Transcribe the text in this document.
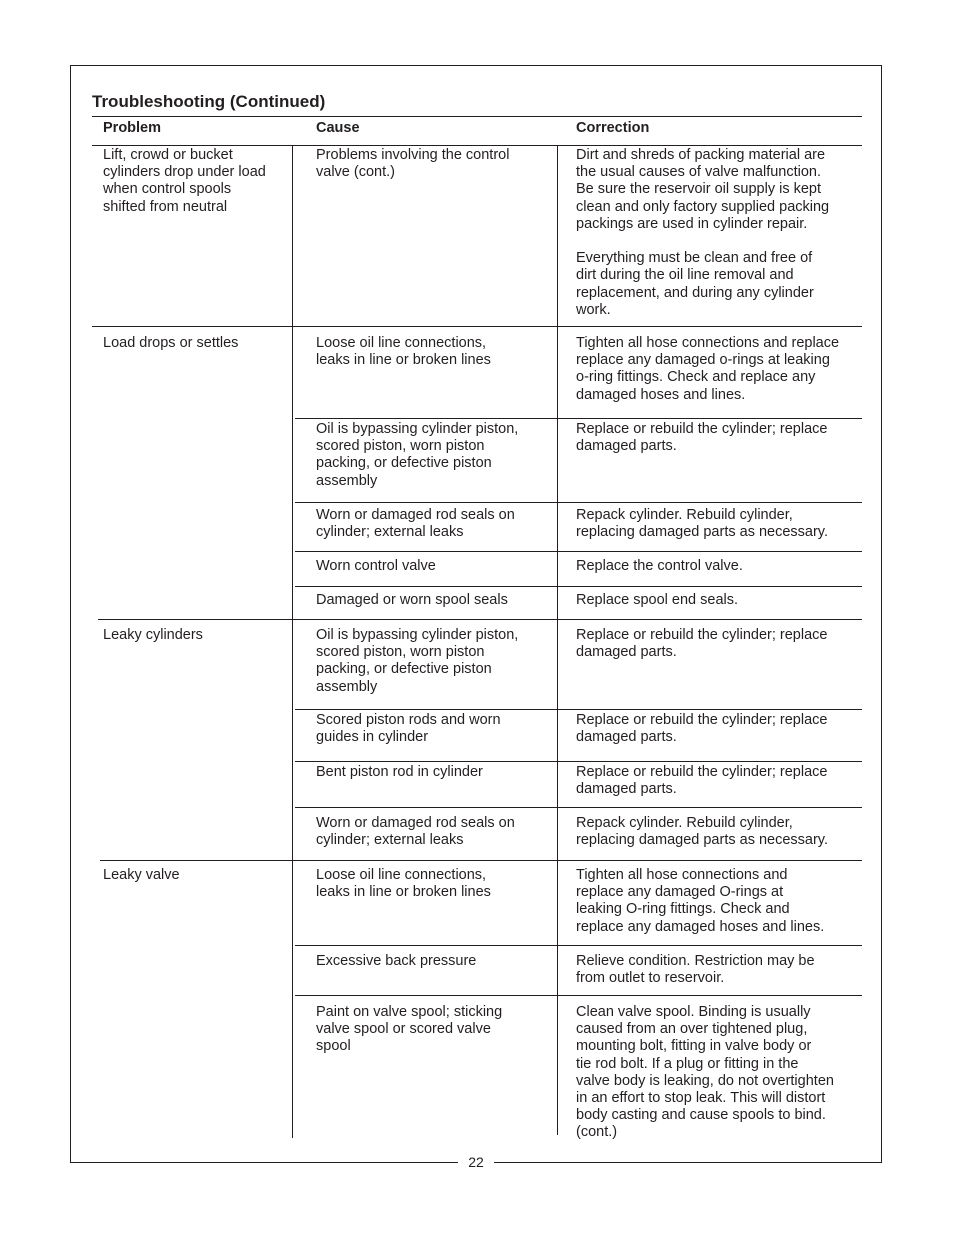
22
Troubleshooting (Continued)
Problem	Cause	Correction
Lift, crowd or bucket
cylinders drop under load
when control spools
shifted from neutral
Load drops or settles
Leaky cylinders
Leaky valve
Problems involving the control
valve (cont.)
Loose oil line connections,
leaks in line or broken lines
Oil is bypassing cylinder piston,
scored piston, worn piston
packing, or defective piston
assembly
Worn or damaged rod seals on
cylinder; external leaks
Worn control valve
Damaged or worn spool seals
Oil is bypassing cylinder piston,
scored piston, worn piston
packing, or defective piston
assembly
Scored piston rods and worn
guides in cylinder
Bent piston rod in cylinder
Worn or damaged rod seals on
cylinder; external leaks
Loose oil line connections,
leaks in line or broken lines
Excessive back pressure
Paint on valve spool; sticking
valve spool or scored valve
spool
Dirt and shreds of packing material are
the usual causes of valve malfunction.
Be sure the reservoir oil supply is kept
clean and only factory supplied packing
packings are used in cylinder repair.

Everything must be clean and free of
dirt during the oil line removal and
replacement, and during any cylinder
work.
Tighten all hose connections and replace
replace any damaged o-rings at leaking
o-ring fittings. Check and replace any
damaged hoses and lines.
Replace or rebuild the cylinder; replace
damaged parts.
Repack cylinder. Rebuild cylinder,
replacing damaged parts as necessary.
Replace the control valve.
Replace spool end seals.
Replace or rebuild the cylinder; replace
damaged parts.
Replace or rebuild the cylinder; replace
damaged parts.
Replace or rebuild the cylinder; replace
damaged parts.
Repack cylinder. Rebuild cylinder,
replacing damaged parts as necessary.
Tighten all hose connections and
replace any damaged O-rings at
leaking O-ring fittings. Check and
replace any damaged hoses and lines.
Relieve condition. Restriction may be
from outlet to reservoir.
Clean valve spool. Binding is usually
caused from an over tightened plug,
mounting bolt, fitting in valve body or
tie rod bolt. If a plug or fitting in the
valve body is leaking, do not overtighten
in an effort to stop leak. This will distort
body casting and cause spools to bind.
(cont.)
